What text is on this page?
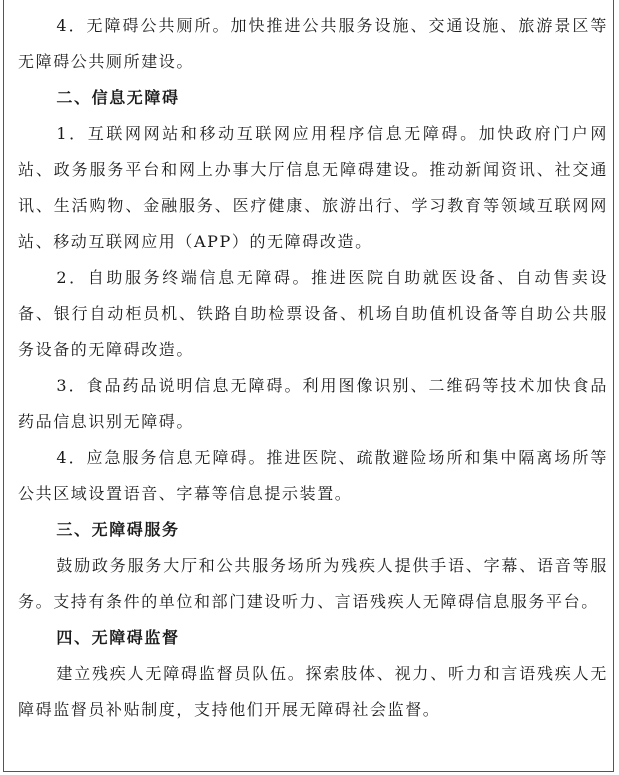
4．无障碍公共厕所。加快推进公共服务设施、交通设施、旅游景区等无障碍公共厕所建设。

二、信息无障碍

1．互联网网站和移动互联网应用程序信息无障碍。加快政府门户网站、政务服务平台和网上办事大厅信息无障碍建设。推动新闻资讯、社交通讯、生活购物、金融服务、医疗健康、旅游出行、学习教育等领域互联网网站、移动互联网应用（APP）的无障碍改造。

2．自助服务终端信息无障碍。推进医院自助就医设备、自动售卖设备、银行自动柜员机、铁路自助检票设备、机场自助值机设备等自助公共服务设备的无障碍改造。

3．食品药品说明信息无障碍。利用图像识别、二维码等技术加快食品药品信息识别无障碍。

4．应急服务信息无障碍。推进医院、疏散避险场所和集中隔离场所等公共区域设置语音、字幕等信息提示装置。

三、无障碍服务

鼓励政务服务大厅和公共服务场所为残疾人提供手语、字幕、语音等服务。支持有条件的单位和部门建设听力、言语残疾人无障碍信息服务平台。

四、无障碍监督

建立残疾人无障碍监督员队伍。探索肢体、视力、听力和言语残疾人无障碍监督员补贴制度，支持他们开展无障碍社会监督。
